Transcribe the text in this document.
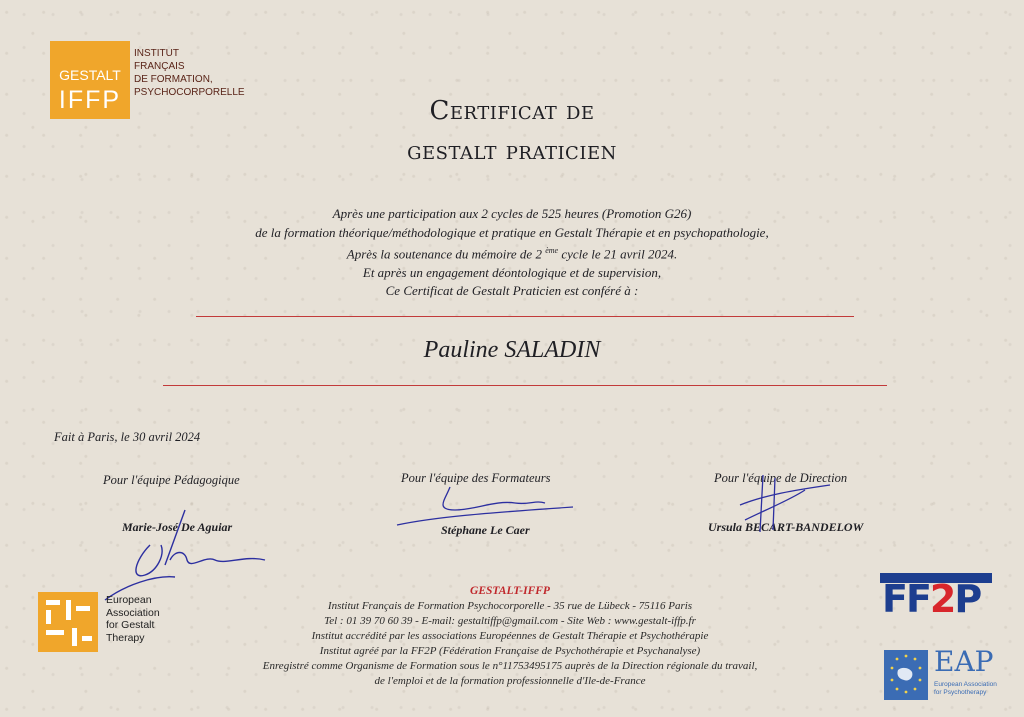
GESTALT
IFFP
INSTITUT
FRANÇAIS
DE FORMATION,
PSYCHOCORPORELLE
Certificat de
gestalt praticien
Après une participation aux 2 cycles de 525 heures (Promotion G26)
de la formation théorique/méthodologique et pratique en Gestalt Thérapie et en psychopathologie,
Après la soutenance du mémoire de 2 $^{ème}$ cycle le 21 avril 2024.
Et après un engagement déontologique et de supervision,
Ce Certificat de Gestalt Praticien est conféré à :
Pauline SALADIN
Fait à Paris, le 30 avril 2024
Pour l'équipe Pédagogique	Pour l'équipe des Formateurs	Pour l'équipe de Direction
Marie-José De Aguiar	Stéphane Le Caer	Ursula BECART-BANDELOW
European
Association
for Gestalt
Therapy
GESTALT-IFFP
Institut Français de Formation Psychocorporelle - 35 rue de Lübeck - 75116 Paris
Tel : 01 39 70 60 39 - E-mail: gestaltiffp@gmail.com - Site Web : www.gestalt-iffp.fr
Institut accrédité par les associations Européennes de Gestalt Thérapie et Psychothérapie
Institut agréé par la FF2P (Fédération Française de Psychothérapie et Psychanalyse)
Enregistré comme Organisme de Formation sous le n°11753495175 auprès de la Direction régionale du travail,
de l'emploi et de la formation professionnelle d'Ile-de-France
FF2P
EAP
European Association
for Psychotherapy
